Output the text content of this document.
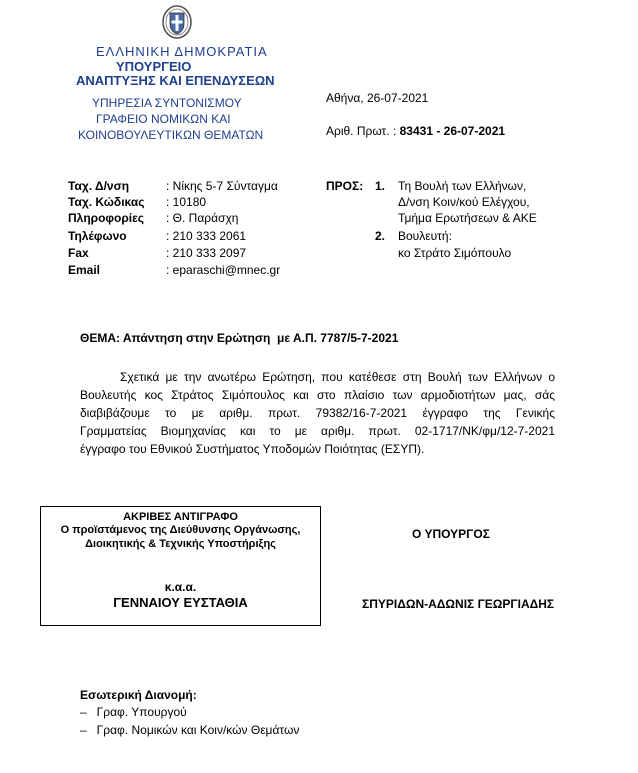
ΕΛΛΗΝΙΚΗ ΔΗΜΟΚΡΑΤΙΑ
ΥΠΟΥΡΓΕΙΟ
ΑΝΑΠΤΥΞΗΣ ΚΑΙ ΕΠΕΝΔΥΣΕΩΝ
ΥΠΗΡΕΣΙΑ ΣΥΝΤΟΝΙΣΜΟΥ
ΓΡΑΦΕΙΟ ΝΟΜΙΚΩΝ ΚΑΙ
ΚΟΙΝΟΒΟΥΛΕΥΤΙΚΩΝ ΘΕΜΑΤΩΝ
Αθήνα, 26-07-2021
Αριθ. Πρωτ. : 83431 - 26-07-2021
Ταχ. Δ/νση	: Νίκης 5-7 Σύνταγμα
Ταχ. Κώδικας : 10180
Πληροφορίες : Θ. Παράσχη
Τηλέφωνο	: 210 333 2061
Fax	: 210 333 2097
Email	: eparaschi@mnec.gr
ΠΡΟΣ: 1. Τη Βουλή των Ελλήνων,
Δ/νση Κοιν/κού Ελέγχου,
Τμήμα Ερωτήσεων & ΑΚΕ
2. Βουλευτή:
κο Στράτο Σιμόπουλο
ΘΕΜΑ: Απάντηση στην Ερώτηση  με Α.Π. 7787/5-7-2021
Σχετικά με την ανωτέρω Ερώτηση, που κατέθεσε στη Βουλή των Ελλήνων ο
Βουλευτής κος Στράτος Σιμόπουλος και στο πλαίσιο των αρμοδιοτήτων μας, σάς
διαβιβάζουμε το με αριθμ. πρωτ. 79382/16-7-2021 έγγραφο της Γενικής
Γραμματείας Βιομηχανίας και το με αριθμ. πρωτ. 02-1717/ΝΚ/φμ/12-7-2021
έγγραφο του Εθνικού Συστήματος Υποδομών Ποιότητας (ΕΣΥΠ).
ΑΚΡΙΒΕΣ ΑΝΤΙΓΡΑΦΟ
Ο προϊστάμενος της Διεύθυνσης Οργάνωσης,
Διοικητικής & Τεχνικής Υποστήριξης
κ.α.α.
ΓΕΝΝΑΙΟΥ ΕΥΣΤΑΘΙΑ
Ο ΥΠΟΥΡΓΟΣ
ΣΠΥΡΙΔΩΝ-ΑΔΩΝΙΣ ΓΕΩΡΓΙΑΔΗΣ
Εσωτερική Διανομή:
–   Γραφ. Υπουργού
–   Γραφ. Νομικών και Κοιν/κών Θεμάτων
